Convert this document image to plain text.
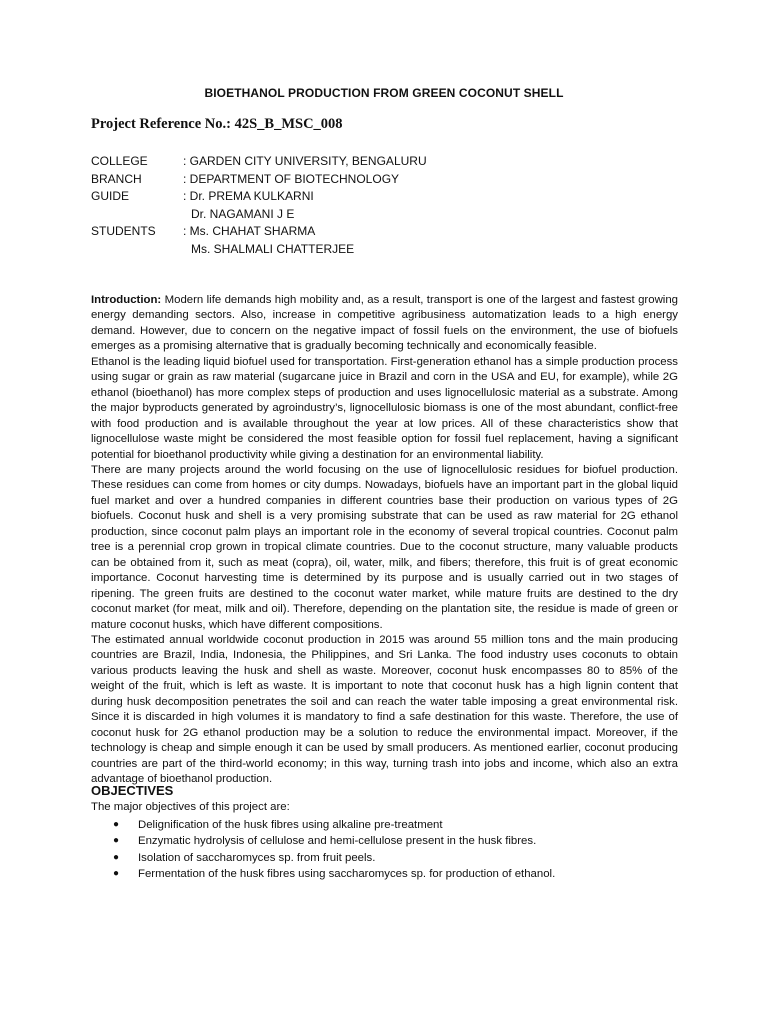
BIOETHANOL PRODUCTION FROM GREEN COCONUT SHELL
Project Reference No.: 42S_B_MSC_008
COLLEGE	: GARDEN CITY UNIVERSITY, BENGALURU
BRANCH	: DEPARTMENT OF BIOTECHNOLOGY
GUIDE	: Dr. PREMA KULKARNI
Dr. NAGAMANI J E
STUDENTS	: Ms. CHAHAT SHARMA
Ms. SHALMALI CHATTERJEE

Introduction: Modern life demands high mobility and, as a result, transport is one of the largest and fastest growing energy demanding sectors. Also, increase in competitive agribusiness automatization leads to a high energy demand. However, due to concern on the negative impact of fossil fuels on the environment, the use of biofuels emerges as a promising alternative that is gradually becoming technically and economically feasible.

Ethanol is the leading liquid biofuel used for transportation. First-generation ethanol has a simple production process using sugar or grain as raw material (sugarcane juice in Brazil and corn in the USA and EU, for example), while 2G ethanol (bioethanol) has more complex steps of production and uses lignocellulosic material as a substrate. Among the major byproducts generated by agroindustry’s, lignocellulosic biomass is one of the most abundant, conflict-free with food production and is available throughout the year at low prices. All of these characteristics show that lignocellulose waste might be considered the most feasible option for fossil fuel replacement, having a significant potential for bioethanol productivity while giving a destination for an environmental liability.

There are many projects around the world focusing on the use of lignocellulosic residues for biofuel production. These residues can come from homes or city dumps. Nowadays, biofuels have an important part in the global liquid fuel market and over a hundred companies in different countries base their production on various types of 2G biofuels. Coconut husk and shell is a very promising substrate that can be used as raw material for 2G ethanol production, since coconut palm plays an important role in the economy of several tropical countries. Coconut palm tree is a perennial crop grown in tropical climate countries. Due to the coconut structure, many valuable products can be obtained from it, such as meat (copra), oil, water, milk, and fibers; therefore, this fruit is of great economic importance. Coconut harvesting time is determined by its purpose and is usually carried out in two stages of ripening. The green fruits are destined to the coconut water market, while mature fruits are destined to the dry coconut market (for meat, milk and oil). Therefore, depending on the plantation site, the residue is made of green or mature coconut husks, which have different compositions.

The estimated annual worldwide coconut production in 2015 was around 55 million tons and the main producing countries are Brazil, India, Indonesia, the Philippines, and Sri Lanka. The food industry uses coconuts to obtain various products leaving the husk and shell as waste. Moreover, coconut husk encompasses 80 to 85% of the weight of the fruit, which is left as waste. It is important to note that coconut husk has a high lignin content that during husk decomposition penetrates the soil and can reach the water table imposing a great environmental risk. Since it is discarded in high volumes it is mandatory to find a safe destination for this waste. Therefore, the use of coconut husk for 2G ethanol production may be a solution to reduce the environmental impact. Moreover, if the technology is cheap and simple enough it can be used by small producers. As mentioned earlier, coconut producing countries are part of the third-world economy; in this way, turning trash into jobs and income, which also an extra advantage of bioethanol production.

OBJECTIVES
The major objectives of this project are:
● Delignification of the husk fibres using alkaline pre-treatment
● Enzymatic hydrolysis of cellulose and hemi-cellulose present in the husk fibres.
● Isolation of saccharomyces sp. from fruit peels.
● Fermentation of the husk fibres using saccharomyces sp. for production of ethanol.
